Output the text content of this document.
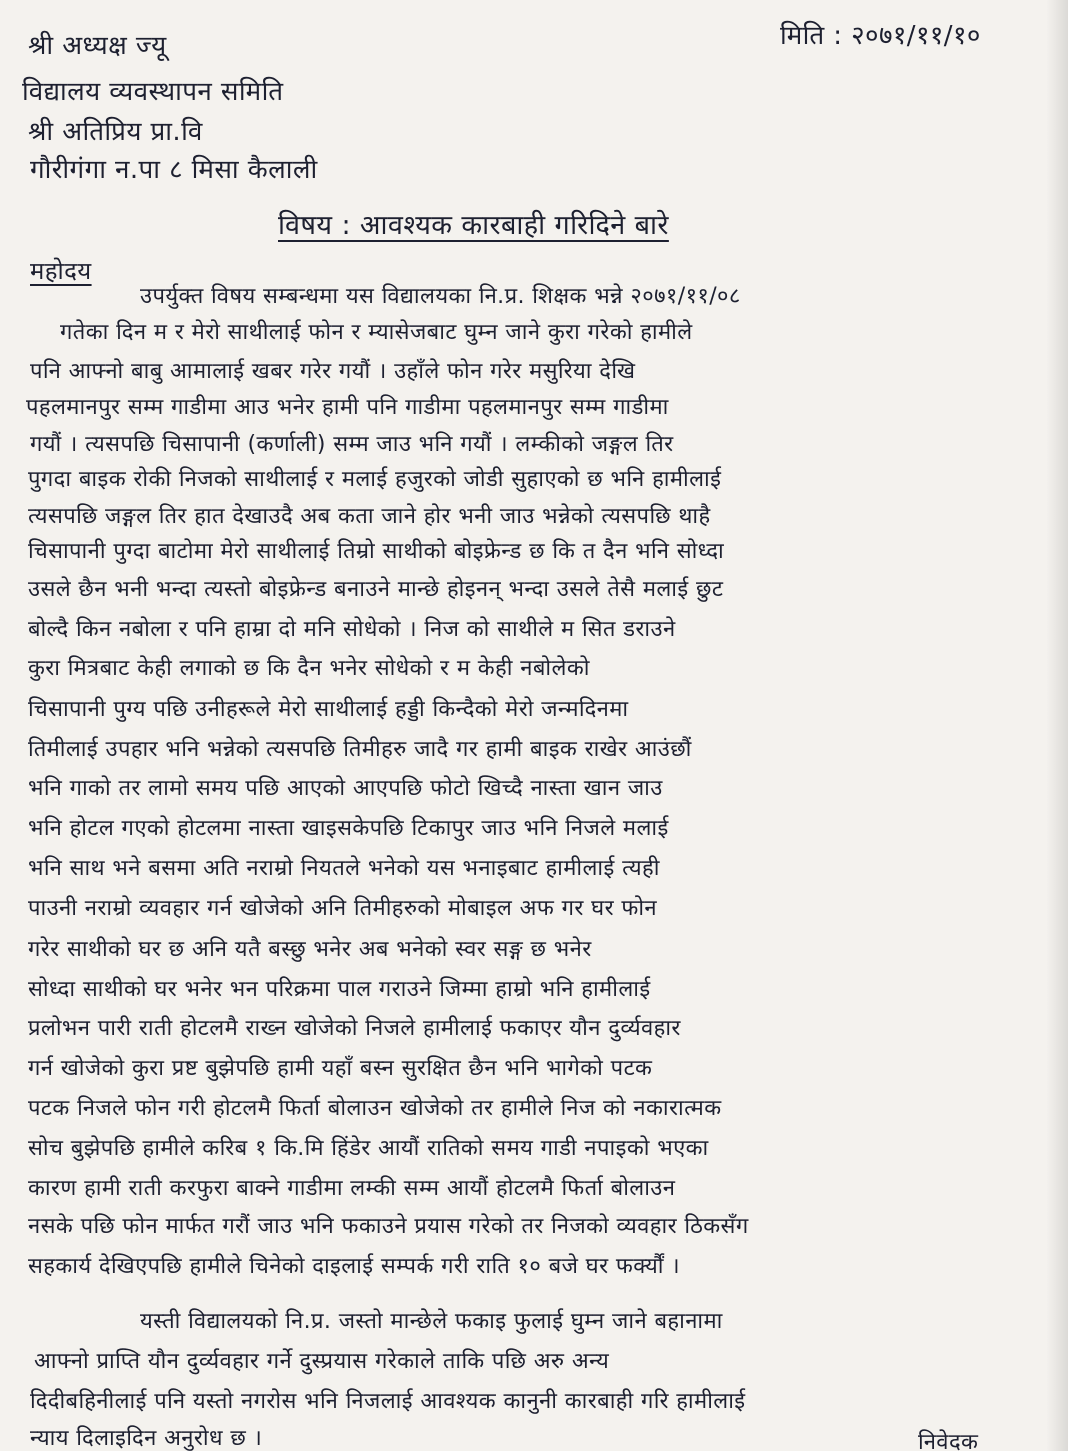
मिति : २०७१/११/१०
श्री अध्यक्ष ज्यू
विद्यालय व्यवस्थापन समिति
श्री अतिप्रिय प्रा.वि
गौरीगंगा न.पा ८ मिसा कैलाली
विषय : आवश्यक कारबाही गरिदिने बारे
महोदय
उपर्युक्त विषय सम्बन्धमा यस विद्यालयका नि.प्र. शिक्षक भन्ने २०७१/११/०८
गतेका दिन म र मेरो साथीलाई फोन र म्यासेजबाट घुम्न जाने कुरा गरेको हामीले
पनि आफ्नो बाबु आमालाई खबर गरेर गयौं । उहाँले फोन गरेर मसुरिया देखि
पहलमानपुर सम्म गाडीमा आउ भनेर हामी पनि गाडीमा पहलमानपुर सम्म गाडीमा
गयौं । त्यसपछि चिसापानी (कर्णाली) सम्म जाउ भनि गयौं । लम्कीको जङ्गल तिर
पुगदा बाइक रोकी निजको साथीलाई र मलाई हजुरको जोडी सुहाएको छ भनि हामीलाई
त्यसपछि जङ्गल तिर हात देखाउदै अब कता जाने होर भनी जाउ भन्नेको त्यसपछि थाहै
चिसापानी पुग्दा बाटोमा मेरो साथीलाई तिम्रो साथीको बोइफ्रेन्ड छ कि त दैन भनि सोध्दा
उसले छैन भनी भन्दा त्यस्तो बोइफ्रेन्ड बनाउने मान्छे होइनन् भन्दा उसले तेसै मलाई छुट
बोल्दै किन नबोला र पनि हाम्रा दो मनि सोधेको । निज को साथीले म सित डराउने
कुरा मित्रबाट केही लगाको छ कि दैन भनेर सोधेको र म केही नबोलेको
चिसापानी पुग्य पछि उनीहरूले मेरो साथीलाई हड्डी किन्दैको मेरो जन्मदिनमा
तिमीलाई उपहार भनि भन्नेको त्यसपछि तिमीहरु जादै गर हामी बाइक राखेर आउंछौं
भनि गाको तर लामो समय पछि आएको आएपछि फोटो खिच्दै नास्ता खान जाउ
भनि होटल गएको होटलमा नास्ता खाइसकेपछि टिकापुर जाउ भनि निजले मलाई
भनि साथ भने बसमा अति नराम्रो नियतले भनेको यस भनाइबाट हामीलाई त्यही
पाउनी नराम्रो व्यवहार गर्न खोजेको अनि तिमीहरुको मोबाइल अफ गर घर फोन
गरेर साथीको घर छ अनि यतै बस्छु भनेर अब भनेको स्वर सङ्ग छ भनेर
सोध्दा साथीको घर भनेर भन परिक्रमा पाल गराउने जिम्मा हाम्रो भनि हामीलाई
प्रलोभन पारी राती होटलमै राख्न खोजेको निजले हामीलाई फकाएर यौन दुर्व्यवहार
गर्न खोजेको कुरा प्रष्ट बुझेपछि हामी यहाँ बस्न सुरक्षित छैन भनि भागेको पटक
पटक निजले फोन गरी होटलमै फिर्ता बोलाउन खोजेको तर हामीले निज को नकारात्मक
सोच बुझेपछि हामीले करिब १ कि.मि हिंडेर आयौं रातिको समय गाडी नपाइको भएका
कारण हामी राती करफुरा बाक्ने गाडीमा लम्की सम्म आयौं होटलमै फिर्ता बोलाउन
नसके पछि फोन मार्फत गरौं जाउ भनि फकाउने प्रयास गरेको तर निजको व्यवहार ठिकसँग
सहकार्य देखिएपछि हामीले चिनेको दाइलाई सम्पर्क गरी राति १० बजे घर फर्क्यौं ।
यस्ती विद्यालयको नि.प्र. जस्तो मान्छेले फकाइ फुलाई घुम्न जाने बहानामा
आफ्नो प्राप्ति यौन दुर्व्यवहार गर्ने दुस्प्रयास गरेकाले ताकि पछि अरु अन्य
दिदीबहिनीलाई पनि यस्तो नगरोस भनि निजलाई आवश्यक कानुनी कारबाही गरि हामीलाई
न्याय दिलाइदिन अनुरोध छ ।	निवेदक
